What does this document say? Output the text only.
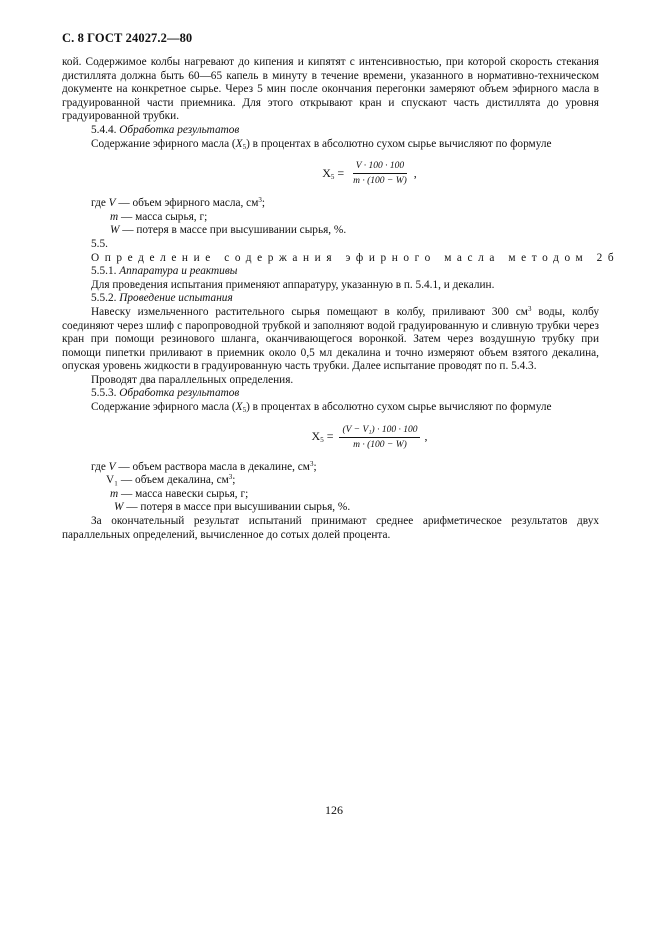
С. 8 ГОСТ 24027.2—80

кой. Содержимое колбы нагревают до кипения и кипятят с интенсивностью, при которой скорость стекания дистиллята должна быть 60—65 капель в минуту в течение времени, указанного в нормативно-техническом документе на конкретное сырье. Через 5 мин после окончания перегонки замеряют объем эфирного масла в градуированной части приемника. Для этого открывают кран и спускают часть дистиллята до уровня градуированной трубки.

5.4.4. Обработка результатов

Содержание эфирного масла $(X_5)$ в процентах в абсолютно сухом сырье вычисляют по формуле

$X_5 = \frac{V \cdot 100 \cdot 100}{m \cdot (100 - W)}$ ,

где V — объем эфирного масла, $см^3$;

m — масса сырья, г;

W — потеря в массе при высушивании сырья, %.

5.5. Определение содержания эфирного масла методом 2б

5.5.1. Аппаратура и реактивы

Для проведения испытания применяют аппаратуру, указанную в п. 5.4.1, и декалин.

5.5.2. Проведение испытания

Навеску измельченного растительного сырья помещают в колбу, приливают 300 $см^3$ воды, колбу соединяют через шлиф с паропроводной трубкой и заполняют водой градуированную и сливную трубки через кран при помощи резинового шланга, оканчивающегося воронкой. Затем через воздушную трубку при помощи пипетки приливают в приемник около 0,5 мл декалина и точно измеряют объем взятого декалина, опуская уровень жидкости в градуированную часть трубки. Далее испытание проводят по п. 5.4.3.

Проводят два параллельных определения.

5.5.3. Обработка результатов

Содержание эфирного масла $(X_5)$ в процентах в абсолютно сухом сырье вычисляют по формуле

$X_5 = \frac{\text{(V − V₁) · 100 · 100}}{m \cdot (100 - W)}$ ,

где V — объем раствора масла в декалине, $см^3$;

V₁ — объем декалина, $см^3$;

m — масса навески сырья, г;

W — потеря в массе при высушивании сырья, %.

За окончательный результат испытаний принимают среднее арифметическое результатов двух параллельных определений, вычисленное до сотых долей процента.

126
